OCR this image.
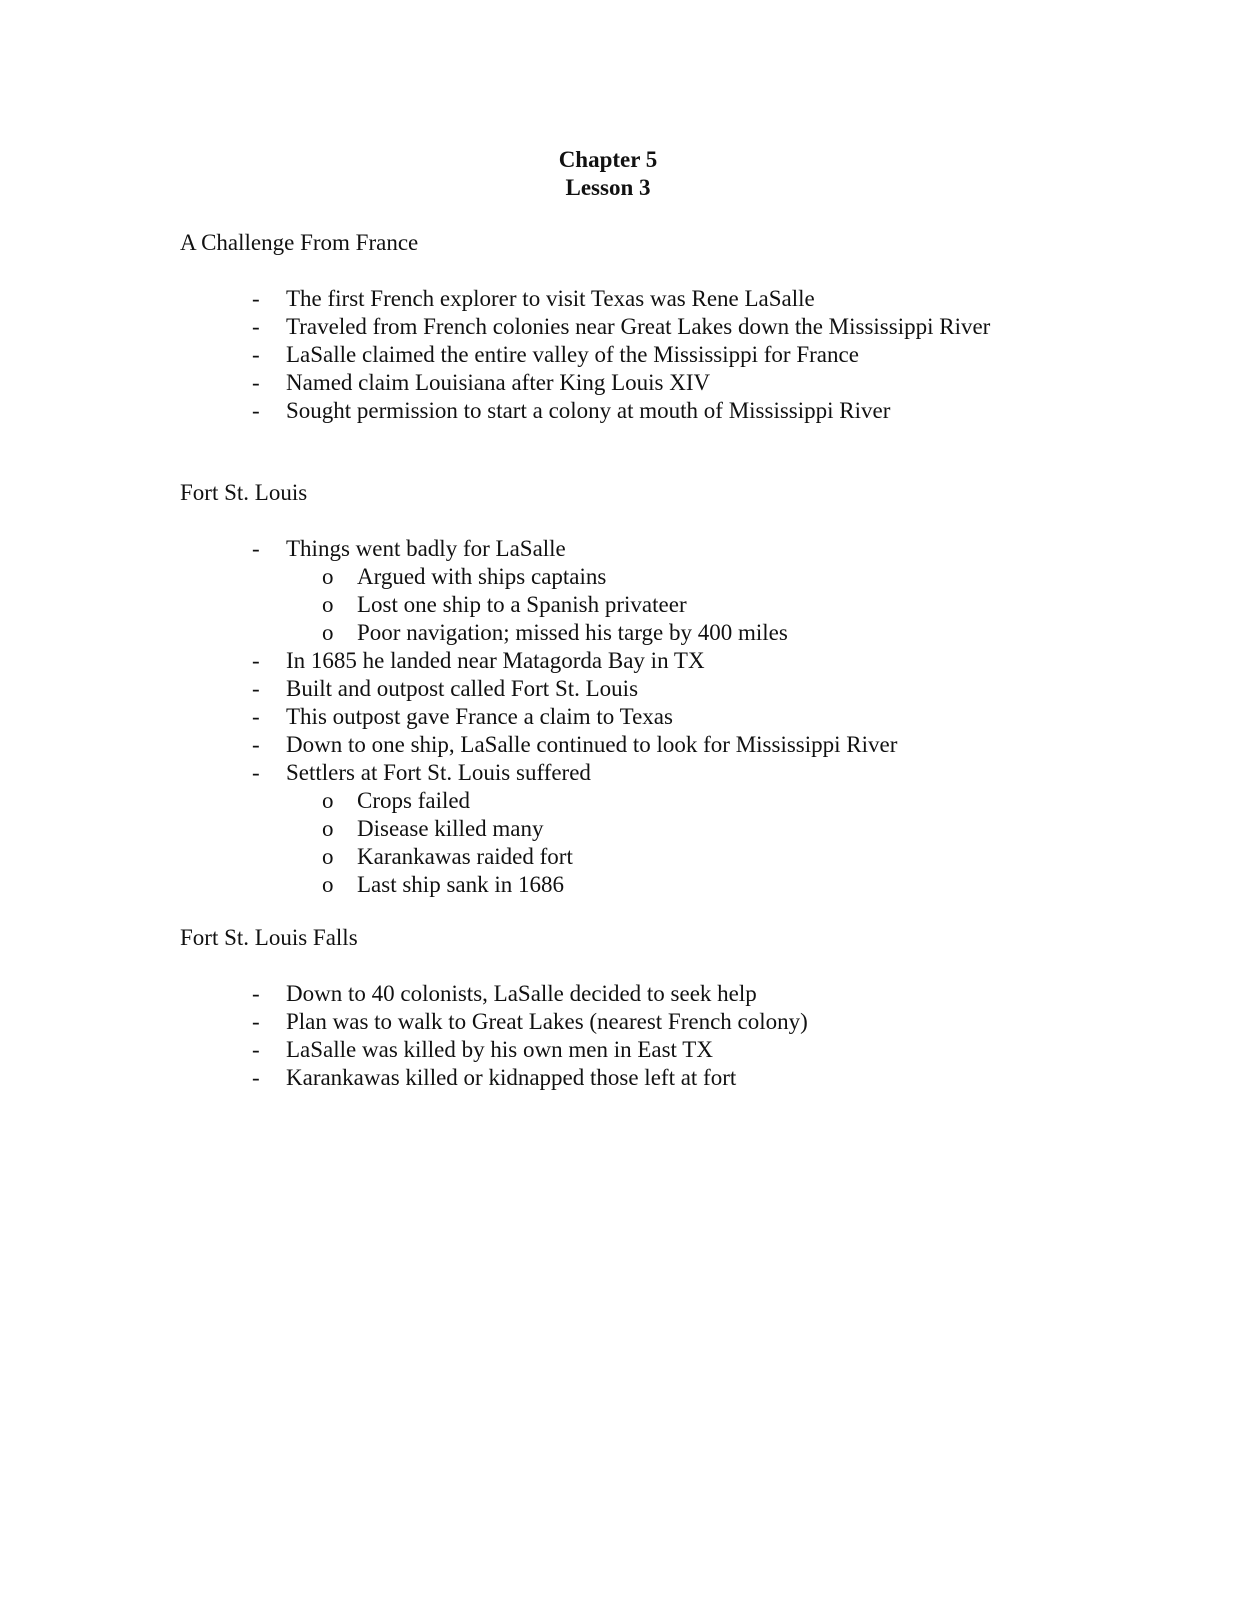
Chapter 5
Lesson 3

A Challenge From France

- The first French explorer to visit Texas was Rene LaSalle
- Traveled from French colonies near Great Lakes down the Mississippi River
- LaSalle claimed the entire valley of the Mississippi for France
- Named claim Louisiana after King Louis XIV
- Sought permission to start a colony at mouth of Mississippi River

Fort St. Louis

- Things went badly for LaSalle
o Argued with ships captains
o Lost one ship to a Spanish privateer
o Poor navigation; missed his targe by 400 miles
- In 1685 he landed near Matagorda Bay in TX
- Built and outpost called Fort St. Louis
- This outpost gave France a claim to Texas
- Down to one ship, LaSalle continued to look for Mississippi River
- Settlers at Fort St. Louis suffered
o Crops failed
o Disease killed many
o Karankawas raided fort
o Last ship sank in 1686

Fort St. Louis Falls

- Down to 40 colonists, LaSalle decided to seek help
- Plan was to walk to Great Lakes (nearest French colony)
- LaSalle was killed by his own men in East TX
- Karankawas killed or kidnapped those left at fort
